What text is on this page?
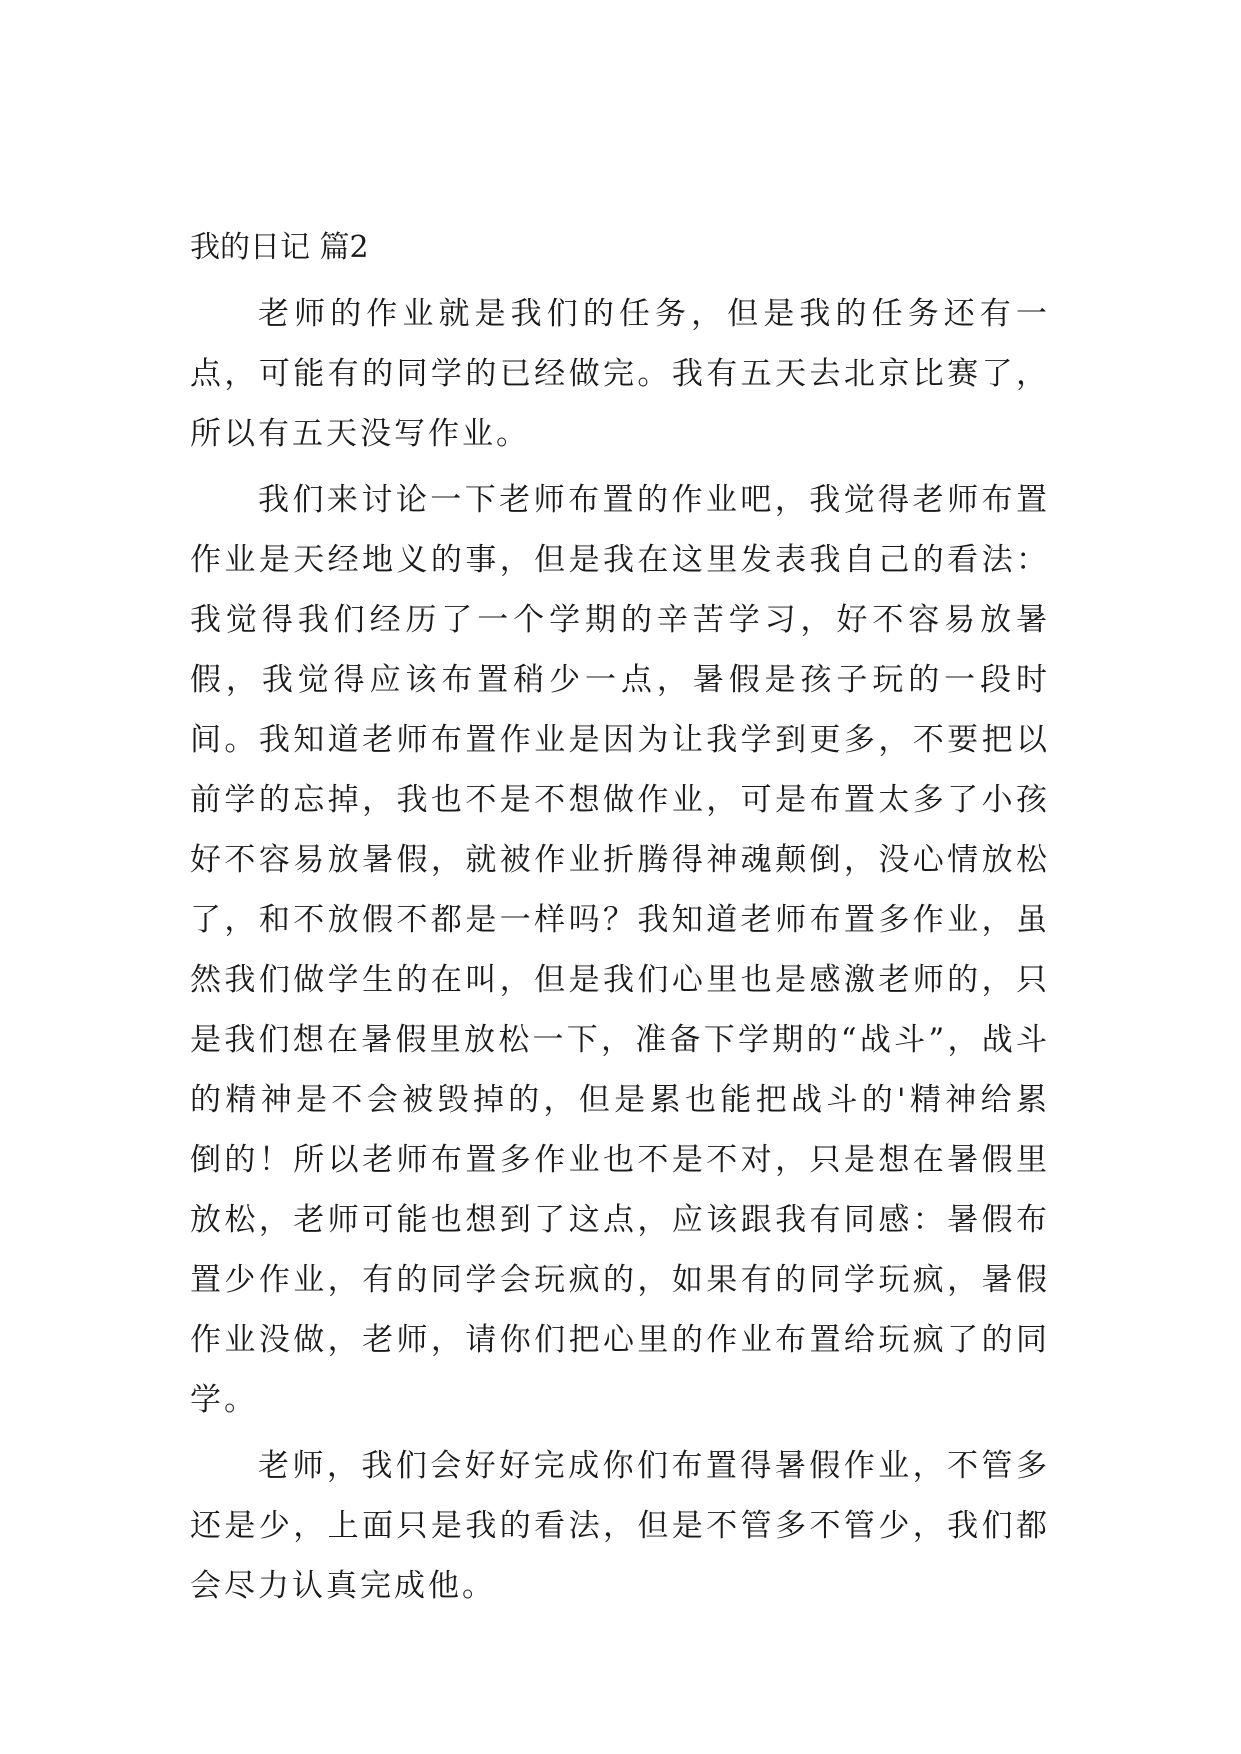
我的日记 篇2

老师的作业就是我们的任务，但是我的任务还有一点，可能有的同学的已经做完。我有五天去北京比赛了，所以有五天没写作业。

我们来讨论一下老师布置的作业吧，我觉得老师布置作业是天经地义的事，但是我在这里发表我自己的看法：我觉得我们经历了一个学期的辛苦学习，好不容易放暑假，我觉得应该布置稍少一点，暑假是孩子玩的一段时间。我知道老师布置作业是因为让我学到更多，不要把以前学的忘掉，我也不是不想做作业，可是布置太多了小孩好不容易放暑假，就被作业折腾得神魂颠倒，没心情放松了，和不放假不都是一样吗？我知道老师布置多作业，虽然我们做学生的在叫，但是我们心里也是感激老师的，只是我们想在暑假里放松一下，准备下学期的“战斗”，战斗的精神是不会被毁掉的，但是累也能把战斗的'精神给累倒的！所以老师布置多作业也不是不对，只是想在暑假里放松，老师可能也想到了这点，应该跟我有同感：暑假布置少作业，有的同学会玩疯的，如果有的同学玩疯，暑假作业没做，老师，请你们把心里的作业布置给玩疯了的同学。

老师，我们会好好完成你们布置得暑假作业，不管多还是少，上面只是我的看法，但是不管多不管少，我们都会尽力认真完成他。
